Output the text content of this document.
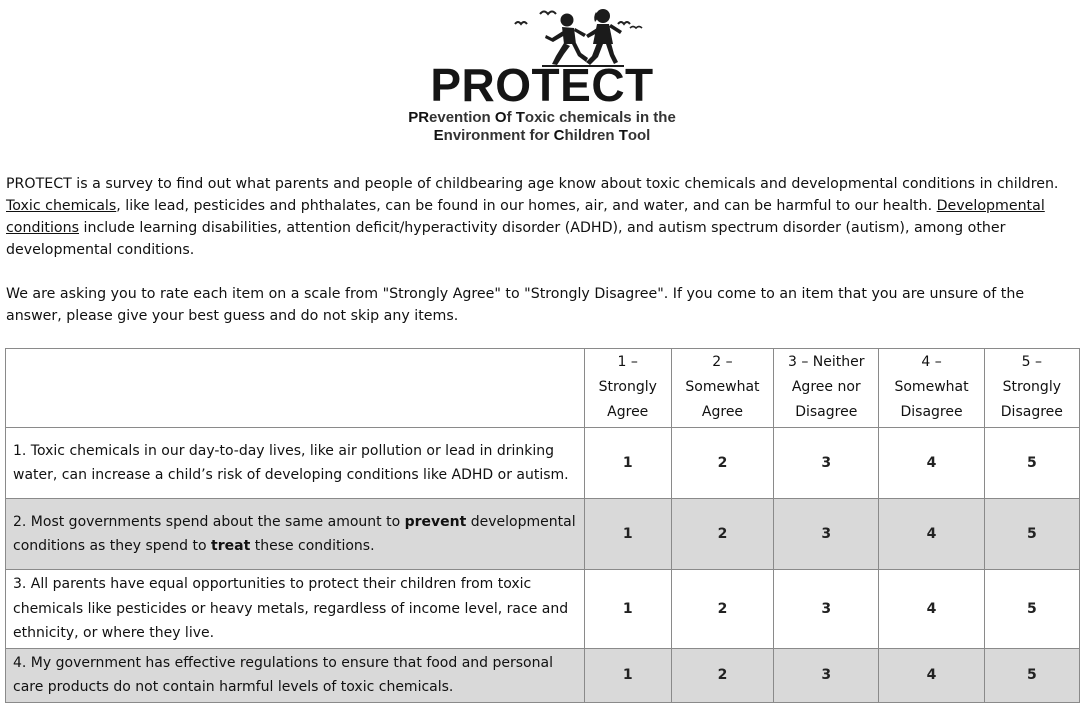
PROTECT
PRevention Of Toxic chemicals in the
Environment for Children Tool

PROTECT is a survey to find out what parents and people of childbearing age know about toxic chemicals and developmental conditions in children. Toxic chemicals, like lead, pesticides and phthalates, can be found in our homes, air, and water, and can be harmful to our health. Developmental conditions include learning disabilities, attention deficit/hyperactivity disorder (ADHD), and autism spectrum disorder (autism), among other developmental conditions.

We are asking you to rate each item on a scale from "Strongly Agree" to "Strongly Disagree". If you come to an item that you are unsure of the answer, please give your best guess and do not skip any items.

	1 –
Strongly
Agree	2 –
Somewhat
Agree	3 – Neither
Agree nor
Disagree	4 –
Somewhat
Disagree	5 –
Strongly
Disagree
1. Toxic chemicals in our day-to-day lives, like air pollution or lead in drinking water, can increase a child’s risk of developing conditions like ADHD or autism.	1	2	3	4	5
2. Most governments spend about the same amount to prevent developmental conditions as they spend to treat these conditions.	1	2	3	4	5
3. All parents have equal opportunities to protect their children from toxic chemicals like pesticides or heavy metals, regardless of income level, race and ethnicity, or where they live.	1	2	3	4	5
4. My government has effective regulations to ensure that food and personal care products do not contain harmful levels of toxic chemicals.	1	2	3	4	5
